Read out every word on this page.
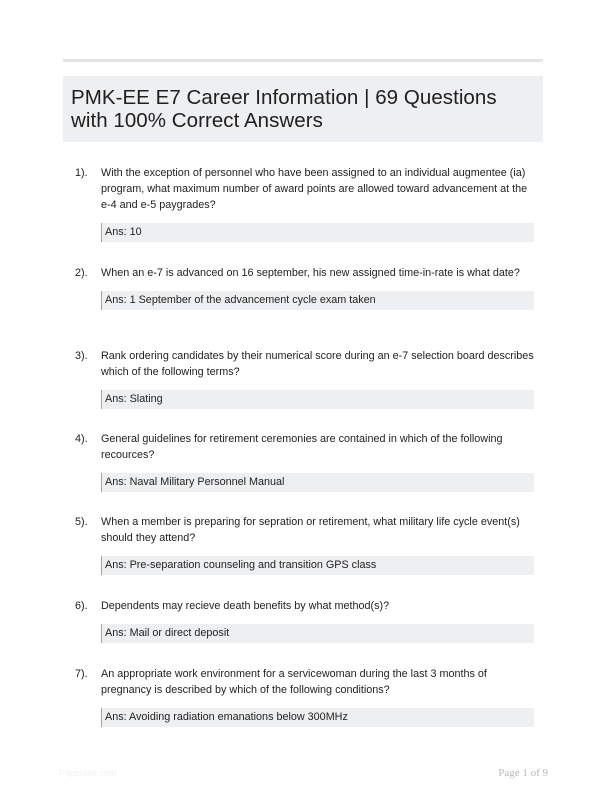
PMK-EE E7 Career Information | 69 Questions with 100% Correct Answers
1). With the exception of personnel who have been assigned to an individual augmentee (ia) program, what maximum number of award points are allowed toward advancement at the e-4 and e-5 paygrades?
Ans: 10
2). When an e-7 is advanced on 16 september, his new assigned time-in-rate is what date?
Ans: 1 September of the advancement cycle exam taken
3). Rank ordering candidates by their numerical score during an e-7 selection board describes which of the following terms?
Ans: Slating
4). General guidelines for retirement ceremonies are contained in which of the following recources?
Ans: Naval Military Personnel Manual
5). When a member is preparing for sepration or retirement, what military life cycle event(s) should they attend?
Ans: Pre-separation counseling and transition GPS class
6). Dependents may recieve death benefits by what method(s)?
Ans: Mail or direct deposit
7). An appropriate work environment for a servicewoman during the last 3 months of pregnancy is described by which of the following conditions?
Ans: Avoiding radiation emanations below 300MHz
Papertitle.com	Page 1 of 9
